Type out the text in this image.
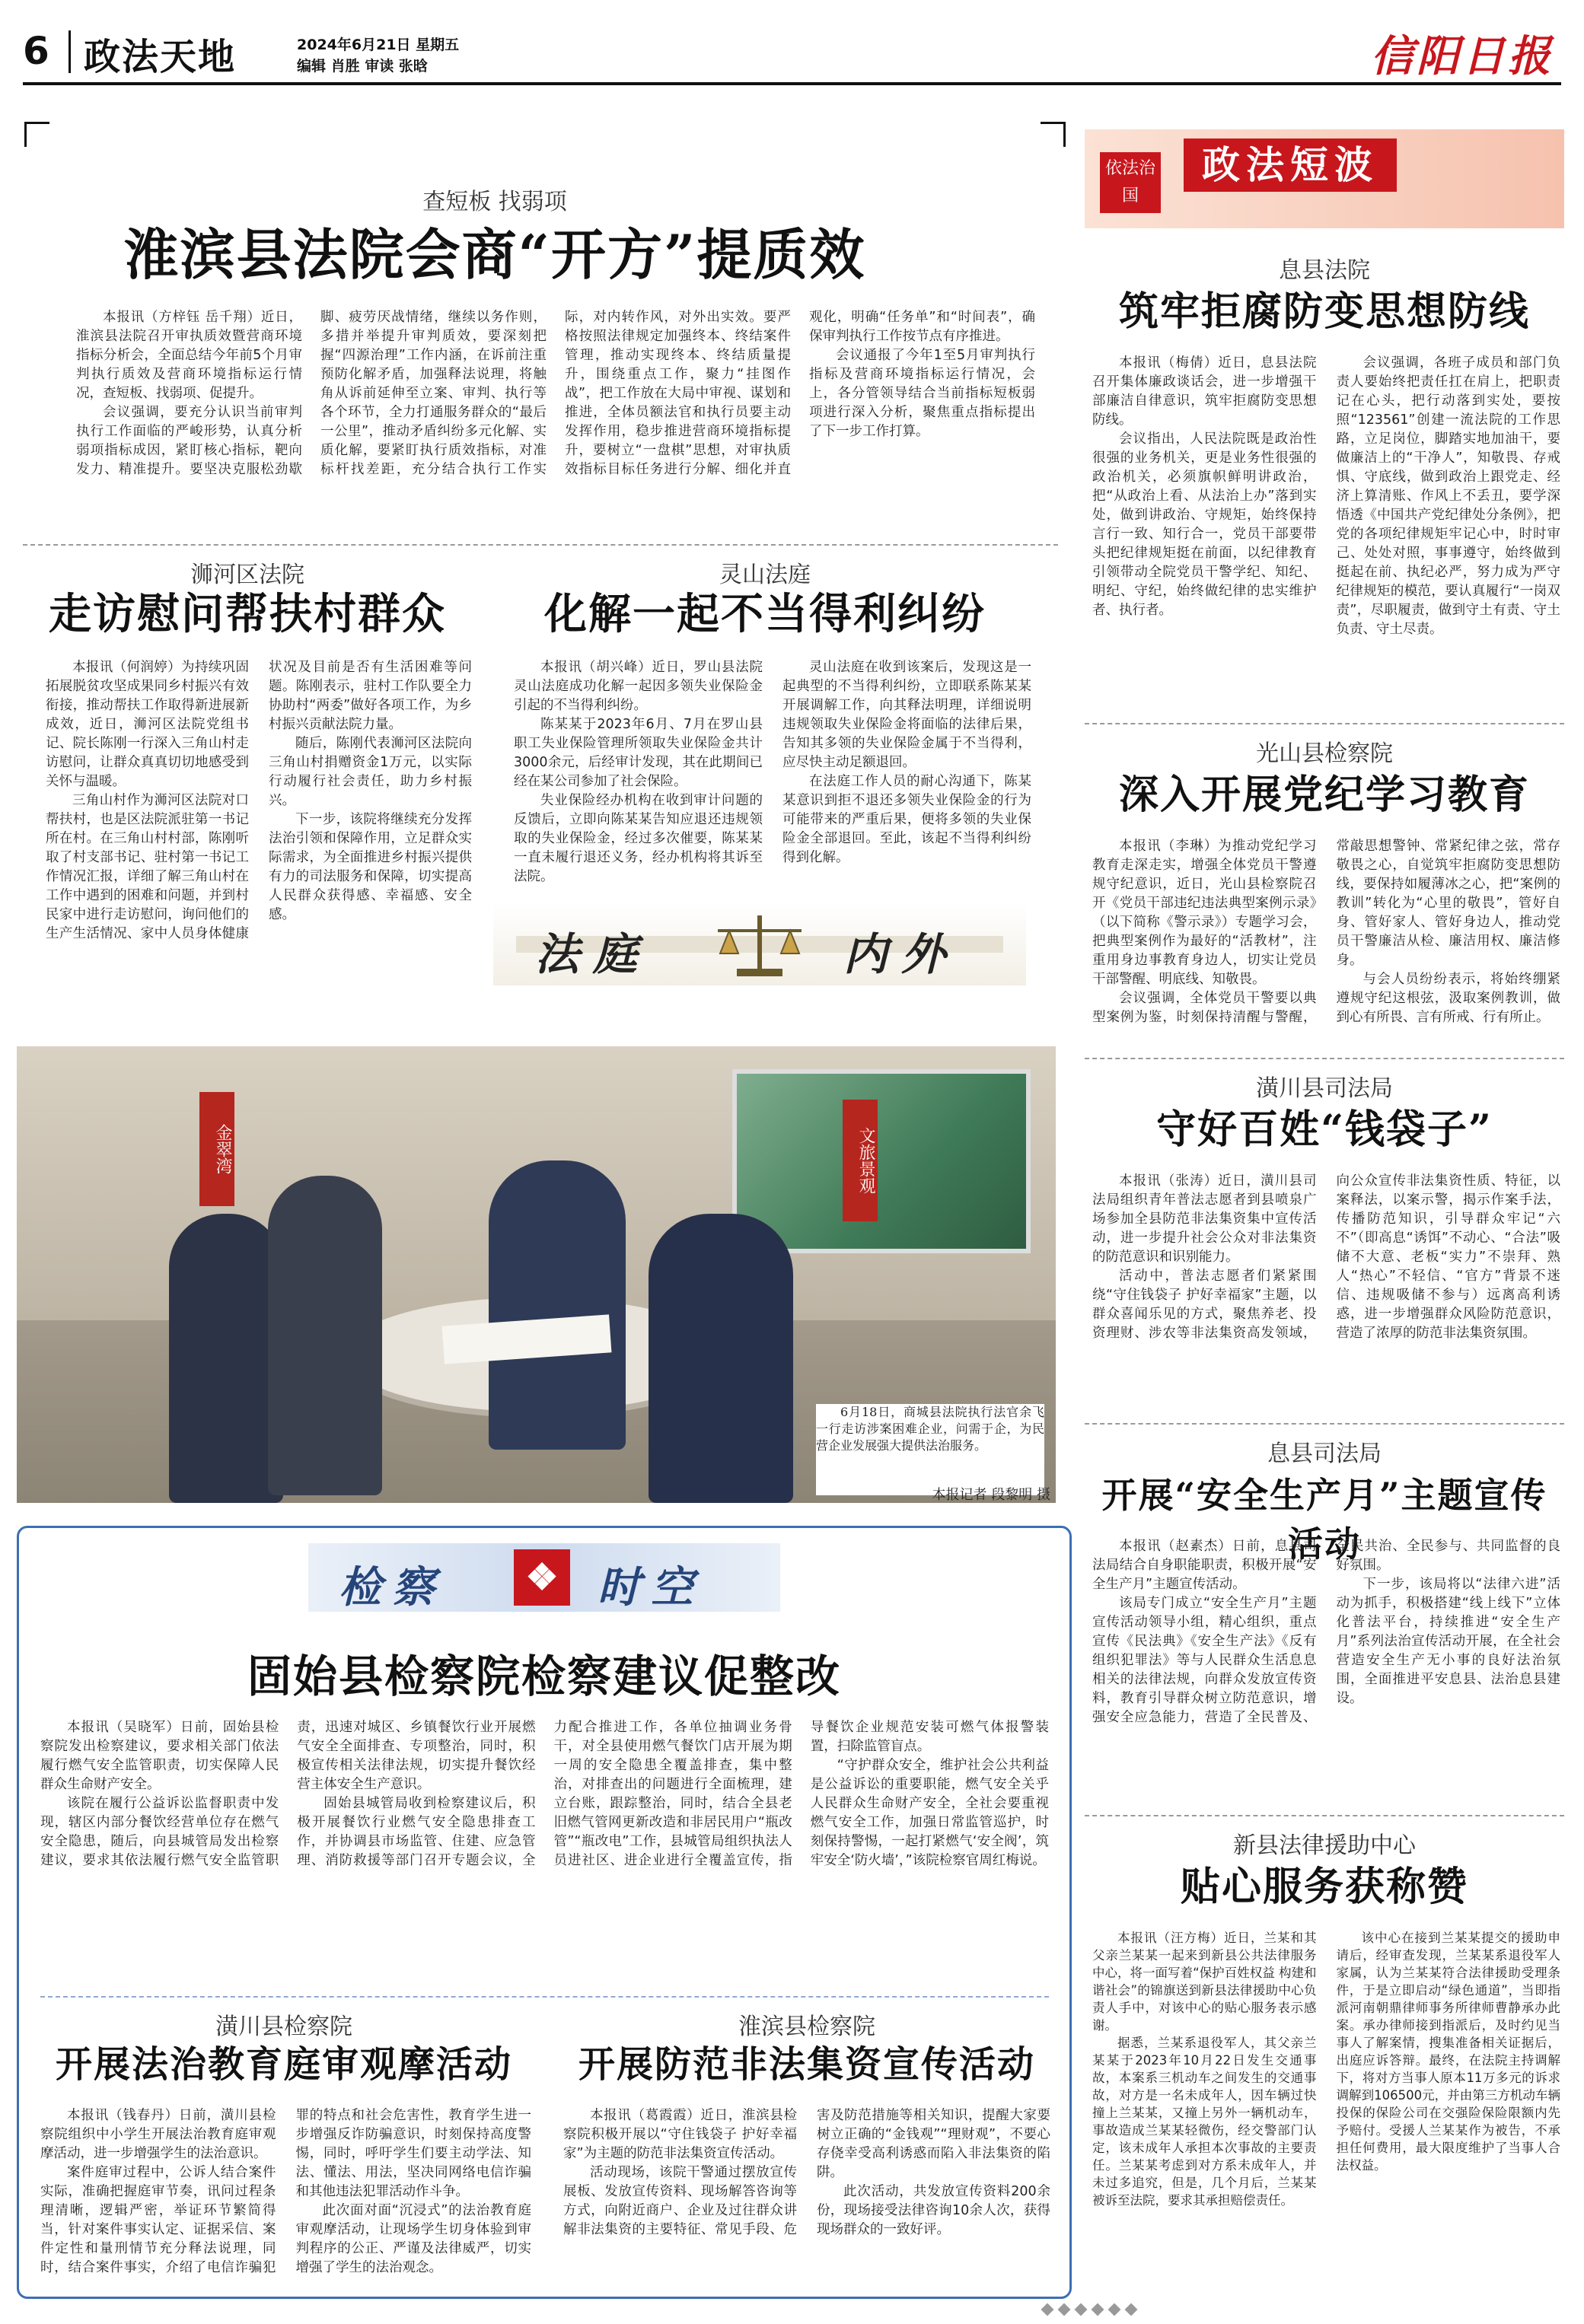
6 政法天地	2024年6月21日 星期五
编辑 肖胜 审读 张晗	信阳日报
查短板 找弱项
淮滨县法院会商“开方”提质效

本报讯（方梓钰 岳千翔）近日，淮滨县法院召开审执质效暨营商环境指标分析会，全面总结今年前5个月审判执行质效及营商环境指标运行情况，查短板、找弱项、促提升。

会议强调，要充分认识当前审判执行工作面临的严峻形势，认真分析弱项指标成因，紧盯核心指标，靶向发力、精准提升。要坚决克服松劲歇脚、疲劳厌战情绪，继续以务作则，多措并举提升审判质效，要深刻把握“四源治理”工作内涵，在诉前注重预防化解矛盾，加强释法说理，将触角从诉前延伸至立案、审判、执行等各个环节，全力打通服务群众的“最后一公里”，推动矛盾纠纷多元化解、实质化解，要紧盯执行质效指标，对准标杆找差距，充分结合执行工作实际，对内转作风，对外出实效。要严格按照法律规定加强终本、终结案件管理，推动实现终本、终结质量提升，围绕重点工作，聚力“挂图作战”，把工作放在大局中审视、谋划和推进，全体员额法官和执行员要主动发挥作用，稳步推进营商环境指标提升，要树立“一盘棋”思想，对审执质效指标目标任务进行分解、细化并直观化，明确“任务单”和“时间表”，确保审判执行工作按节点有序推进。

会议通报了今年1至5月审判执行指标及营商环境指标运行情况，会上，各分管领导结合当前指标短板弱项进行深入分析，聚焦重点指标提出了下一步工作打算。

浉河区法院
走访慰问帮扶村群众

本报讯（何润婷）为持续巩固拓展脱贫攻坚成果同乡村振兴有效衔接，推动帮扶工作取得新进展新成效，近日，浉河区法院党组书记、院长陈刚一行深入三角山村走访慰问，让群众真真切切地感受到关怀与温暖。

三角山村作为浉河区法院对口帮扶村，也是区法院派驻第一书记所在村。在三角山村村部，陈刚听取了村支部书记、驻村第一书记工作情况汇报，详细了解三角山村在工作中遇到的困难和问题，并到村民家中进行走访慰问，询问他们的生产生活情况、家中人员身体健康状况及目前是否有生活困难等问题。陈刚表示，驻村工作队要全力协助村“两委”做好各项工作，为乡村振兴贡献法院力量。

随后，陈刚代表浉河区法院向三角山村捐赠资金1万元，以实际行动履行社会责任，助力乡村振兴。

下一步，该院将继续充分发挥法治引领和保障作用，立足群众实际需求，为全面推进乡村振兴提供有力的司法服务和保障，切实提高人民群众获得感、幸福感、安全感。

灵山法庭
化解一起不当得利纠纷

本报讯（胡兴峰）近日，罗山县法院灵山法庭成功化解一起因多领失业保险金引起的不当得利纠纷。

陈某某于2023年6月、7月在罗山县职工失业保险管理所领取失业保险金共计3000余元，后经审计发现，其在此期间已经在某公司参加了社会保险。

失业保险经办机构在收到审计问题的反馈后，立即向陈某某告知应退还违规领取的失业保险金，经过多次催要，陈某某一直未履行退还义务，经办机构将其诉至法院。

灵山法庭在收到该案后，发现这是一起典型的不当得利纠纷，立即联系陈某某开展调解工作，向其释法明理，详细说明违规领取失业保险金将面临的法律后果，告知其多领的失业保险金属于不当得利，应尽快主动足额退回。

在法庭工作人员的耐心沟通下，陈某某意识到拒不退还多领失业保险金的行为可能带来的严重后果，便将多领的失业保险金全部退回。至此，该起不当得利纠纷得到化解。

法庭	内外
金翠湾	文旅景观
6月18日，商城县法院执行法官余飞一行走访涉案困难企业，问需于企，为民营企业发展强大提供法治服务。
本报记者 段黎明 摄
检察	❖ 时空
固始县检察院检察建议促整改

本报讯（吴晓军）日前，固始县检察院发出检察建议，要求相关部门依法履行燃气安全监管职责，切实保障人民群众生命财产安全。

该院在履行公益诉讼监督职责中发现，辖区内部分餐饮经营单位存在燃气安全隐患，随后，向县城管局发出检察建议，要求其依法履行燃气安全监管职责，迅速对城区、乡镇餐饮行业开展燃气安全全面排查、专项整治，同时，积极宣传相关法律法规，切实提升餐饮经营主体安全生产意识。

固始县城管局收到检察建议后，积极开展餐饮行业燃气安全隐患排查工作，并协调县市场监管、住建、应急管理、消防救援等部门召开专题会议，全力配合推进工作，各单位抽调业务骨干，对全县使用燃气餐饮门店开展为期一周的安全隐患全覆盖排查，集中整治，对排查出的问题进行全面梳理，建立台账，跟踪整治，同时，结合全县老旧燃气管网更新改造和非居民用户“瓶改管”“瓶改电”工作，县城管局组织执法人员进社区、进企业进行全覆盖宣传，指导餐饮企业规范安装可燃气体报警装置，扫除监管盲点。

“守护群众安全，维护社会公共利益是公益诉讼的重要职能，燃气安全关乎人民群众生命财产安全，全社会要重视燃气安全工作，加强日常监管巡护，时刻保持警惕，一起打紧燃气‘安全阀’，筑牢安全‘防火墙’，”该院检察官周红梅说。

潢川县检察院
开展法治教育庭审观摩活动

本报讯（钱春丹）日前，潢川县检察院组织中小学生开展法治教育庭审观摩活动，进一步增强学生的法治意识。

案件庭审过程中，公诉人结合案件实际，准确把握庭审节奏，讯问过程条理清晰，逻辑严密，举证环节繁简得当，针对案件事实认定、证据采信、案件定性和量刑情节充分释法说理，同时，结合案件事实，介绍了电信诈骗犯罪的特点和社会危害性，教育学生进一步增强反诈防骗意识，时刻保持高度警惕，同时，呼吁学生们要主动学法、知法、懂法、用法，坚决同网络电信诈骗和其他违法犯罪活动作斗争。

此次面对面“沉浸式”的法治教育庭审观摩活动，让现场学生切身体验到审判程序的公正、严谨及法律威严，切实增强了学生的法治观念。

淮滨县检察院
开展防范非法集资宣传活动

本报讯（葛霞霞）近日，淮滨县检察院积极开展以“守住钱袋子 护好幸福家”为主题的防范非法集资宣传活动。

活动现场，该院干警通过摆放宣传展板、发放宣传资料、现场解答咨询等方式，向附近商户、企业及过往群众讲解非法集资的主要特征、常见手段、危害及防范措施等相关知识，提醒大家要树立正确的“金钱观”“理财观”，不要心存侥幸受高利诱惑而陷入非法集资的陷阱。

此次活动，共发放宣传资料200余份，现场接受法律咨询10余人次，获得现场群众的一致好评。

依法治国
政法短波
息县法院
筑牢拒腐防变思想防线

本报讯（梅倩）近日，息县法院召开集体廉政谈话会，进一步增强干部廉洁自律意识，筑牢拒腐防变思想防线。

会议指出，人民法院既是政治性很强的业务机关，更是业务性很强的政治机关，必须旗帜鲜明讲政治，把“从政治上看、从法治上办”落到实处，做到讲政治、守规矩，始终保持言行一致、知行合一，党员干部要带头把纪律规矩挺在前面，以纪律教育引领带动全院党员干警学纪、知纪、明纪、守纪，始终做纪律的忠实维护者、执行者。

会议强调，各班子成员和部门负责人要始终把责任扛在肩上，把职责记在心头，把行动落到实处，要按照“123561”创建一流法院的工作思路，立足岗位，脚踏实地加油干，要做廉洁上的“干净人”，知敬畏、存戒惧、守底线，做到政治上跟党走、经济上算清账、作风上不丢丑，要学深悟透《中国共产党纪律处分条例》，把党的各项纪律规矩牢记心中，时时审己、处处对照，事事遵守，始终做到挺起在前、执纪必严，努力成为严守纪律规矩的模范，要认真履行“一岗双责”，尽职履责，做到守土有责、守土负责、守土尽责。

光山县检察院
深入开展党纪学习教育

本报讯（李琳）为推动党纪学习教育走深走实，增强全体党员干警遵规守纪意识，近日，光山县检察院召开《党员干部违纪违法典型案例示录》（以下简称《警示录》）专题学习会，把典型案例作为最好的“活教材”，注重用身边事教育身边人，切实让党员干部警醒、明底线、知敬畏。

会议强调，全体党员干警要以典型案例为鉴，时刻保持清醒与警醒，常敲思想警钟、常紧纪律之弦，常存敬畏之心，自觉筑牢拒腐防变思想防线，要保持如履薄冰之心，把“案例的教训”转化为“心里的敬畏”，管好自身、管好家人、管好身边人，推动党员干警廉洁从检、廉洁用权、廉洁修身。

与会人员纷纷表示，将始终绷紧遵规守纪这根弦，汲取案例教训，做到心有所畏、言有所戒、行有所止。

潢川县司法局
守好百姓“钱袋子”

本报讯（张涛）近日，潢川县司法局组织青年普法志愿者到县喷泉广场参加全县防范非法集资集中宣传活动，进一步提升社会公众对非法集资的防范意识和识别能力。

活动中，普法志愿者们紧紧围绕“守住钱袋子 护好幸福家”主题，以群众喜闻乐见的方式，聚焦养老、投资理财、涉农等非法集资高发领域，向公众宣传非法集资性质、特征，以案释法，以案示警，揭示作案手法，传播防范知识，引导群众牢记“六不”（即高息“诱饵”不动心、“合法”吸储不大意、老板“实力”不崇拜、熟人“热心”不轻信、“官方”背景不迷信、违规吸储不参与）远离高利诱惑，进一步增强群众风险防范意识，营造了浓厚的防范非法集资氛围。

息县司法局
开展“安全生产月”主题宣传活动

本报讯（赵素杰）日前，息县司法局结合自身职能职责，积极开展“安全生产月”主题宣传活动。

该局专门成立“安全生产月”主题宣传活动领导小组，精心组织，重点宣传《民法典》《安全生产法》《反有组织犯罪法》等与人民群众生活息息相关的法律法规，向群众发放宣传资料，教育引导群众树立防范意识，增强安全应急能力，营造了全民普及、全民共治、全民参与、共同监督的良好氛围。

下一步，该局将以“法律六进”活动为抓手，积极搭建“线上线下”立体化普法平台，持续推进“安全生产月”系列法治宣传活动开展，在全社会营造安全生产无小事的良好法治氛围，全面推进平安息县、法治息县建设。

新县法律援助中心
贴心服务获称赞

本报讯（汪方梅）近日，兰某和其父亲兰某某一起来到新县公共法律服务中心，将一面写着“保护百姓权益 构建和谐社会”的锦旗送到新县法律援助中心负责人手中，对该中心的贴心服务表示感谢。

据悉，兰某系退役军人，其父亲兰某某于2023年10月22日发生交通事故，本案系三机动车之间发生的交通事故，对方是一名未成年人，因车辆过快撞上兰某某，又撞上另外一辆机动车，事故造成兰某某轻微伤，经交警部门认定，该未成年人承担本次事故的主要责任。兰某某考虑到对方系未成年人，并未过多追究，但是，几个月后，兰某某被诉至法院，要求其承担赔偿责任。

该中心在接到兰某某提交的援助申请后，经审查发现，兰某某系退役军人家属，认为兰某某符合法律援助受理条件，于是立即启动“绿色通道”，当即指派河南朝鼎律师事务所律师曹静承办此案。承办律师接到指派后，及时约见当事人了解案情，搜集准备相关证据后，出庭应诉答辩。最终，在法院主持调解下，将对方当事人原本11万多元的诉求调解到106500元，并由第三方机动车辆投保的保险公司在交强险保险限额内先予赔付。受援人兰某某作为被告，不承担任何费用，最大限度维护了当事人合法权益。
